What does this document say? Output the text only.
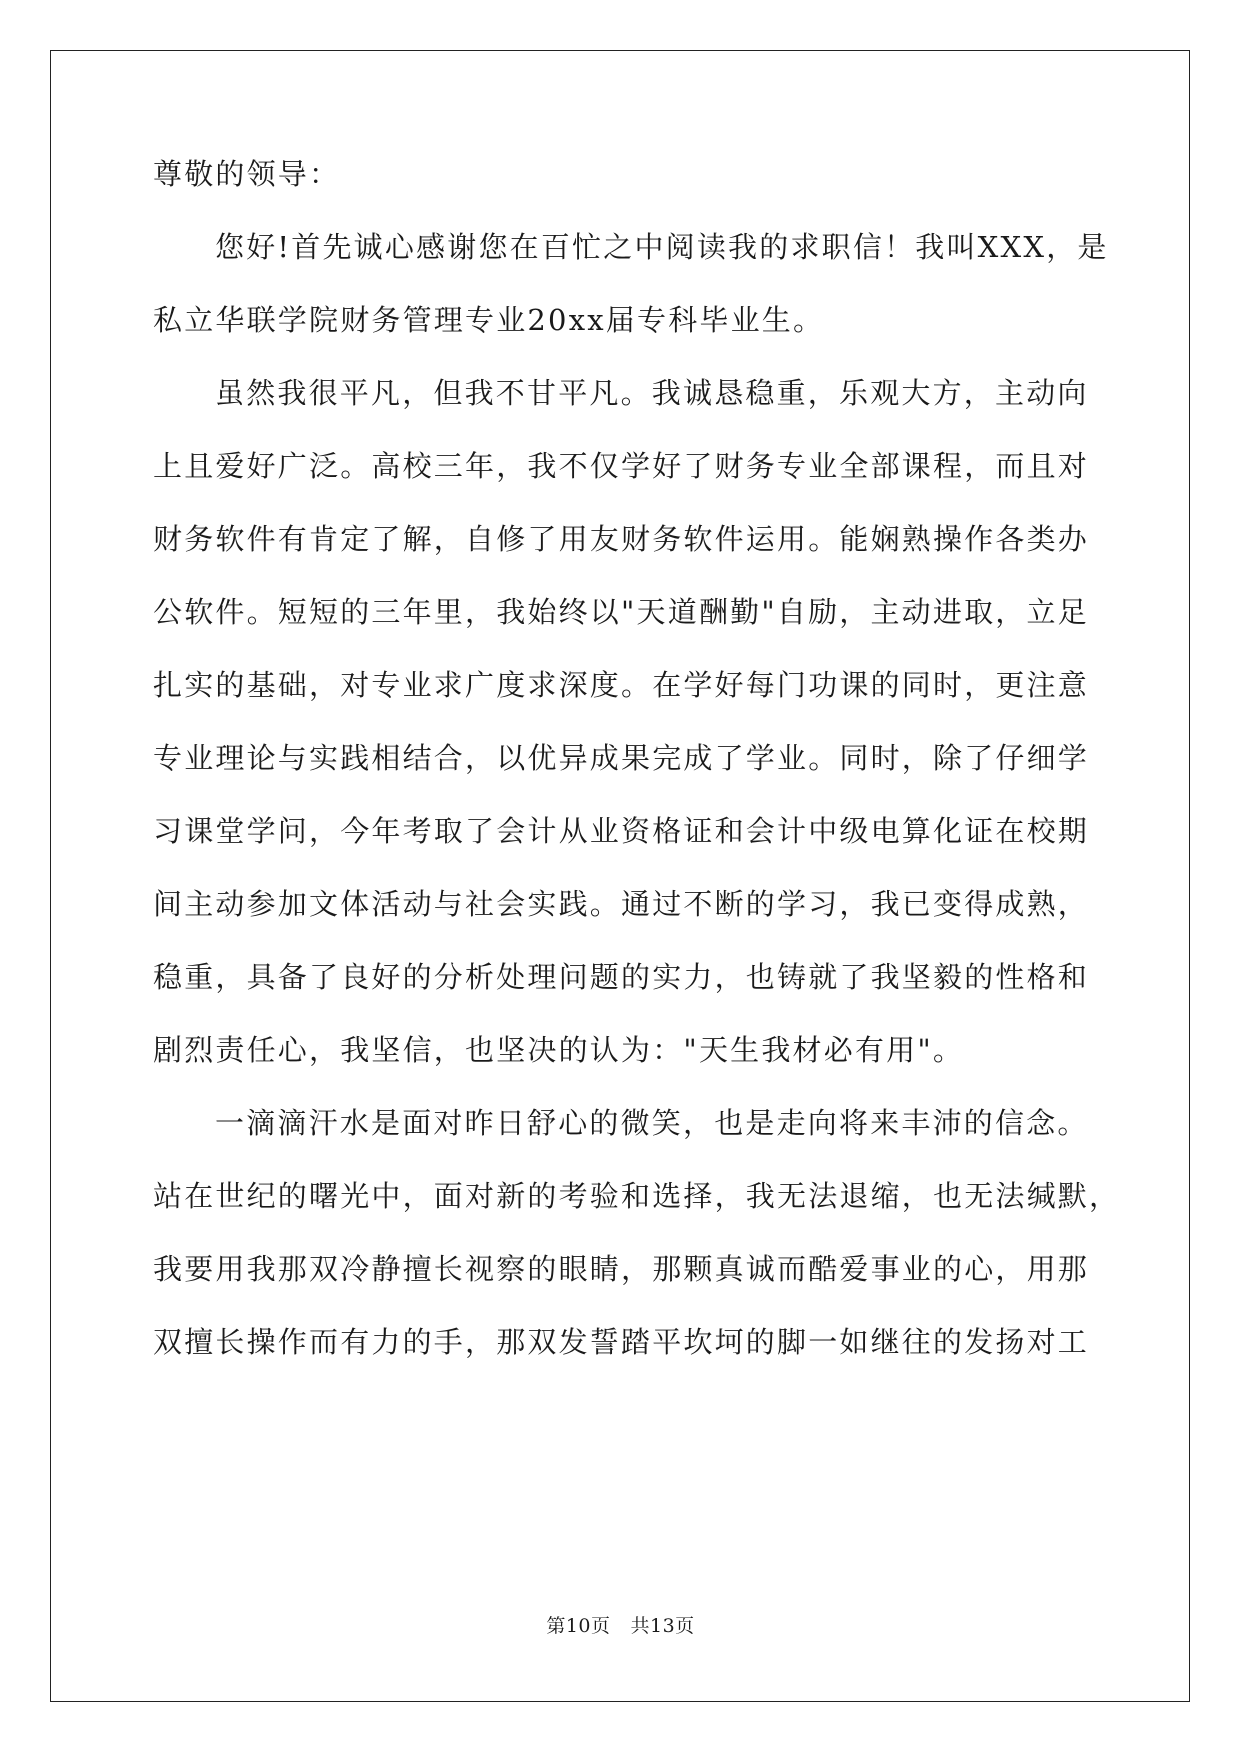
尊敬的领导：
您好!首先诚心感谢您在百忙之中阅读我的求职信！我叫XXX，是
私立华联学院财务管理专业20xx届专科毕业生。
虽然我很平凡，但我不甘平凡。我诚恳稳重，乐观大方，主动向
上且爱好广泛。高校三年，我不仅学好了财务专业全部课程，而且对
财务软件有肯定了解，自修了用友财务软件运用。能娴熟操作各类办
公软件。短短的三年里，我始终以"天道酬勤"自励，主动进取，立足
扎实的基础，对专业求广度求深度。在学好每门功课的同时，更注意
专业理论与实践相结合，以优异成果完成了学业。同时，除了仔细学
习课堂学问，今年考取了会计从业资格证和会计中级电算化证在校期
间主动参加文体活动与社会实践。通过不断的学习，我已变得成熟，
稳重，具备了良好的分析处理问题的实力，也铸就了我坚毅的性格和
剧烈责任心，我坚信，也坚决的认为："天生我材必有用"。
一滴滴汗水是面对昨日舒心的微笑，也是走向将来丰沛的信念。
站在世纪的曙光中，面对新的考验和选择，我无法退缩，也无法缄默，
我要用我那双冷静擅长视察的眼睛，那颗真诚而酷爱事业的心，用那
双擅长操作而有力的手，那双发誓踏平坎坷的脚一如继往的发扬对工
第10页 共13页
